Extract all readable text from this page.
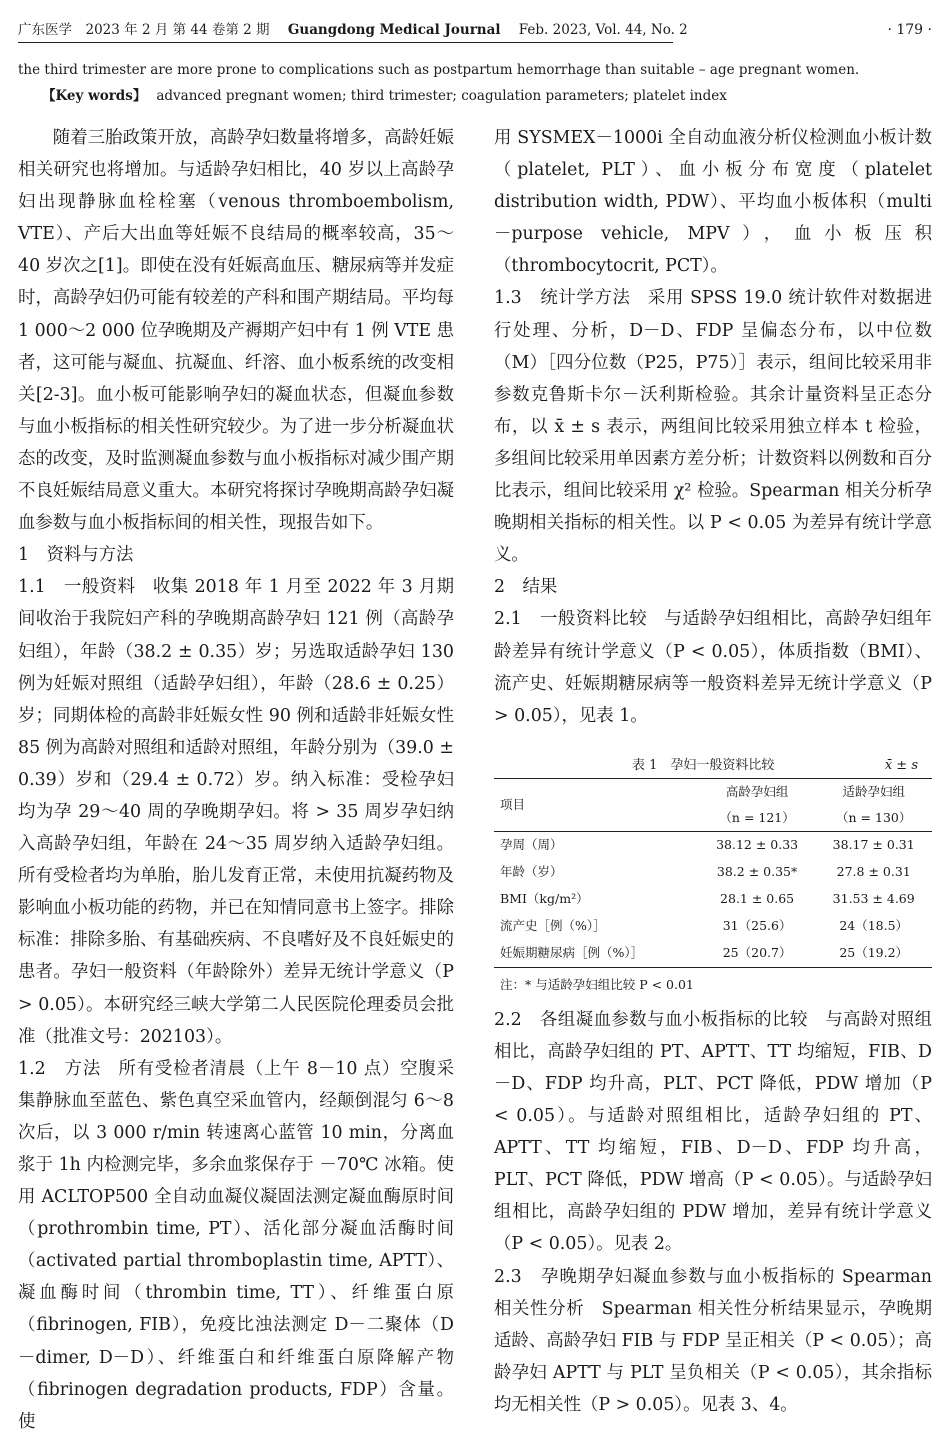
广东医学　2023 年 2 月 第 44 卷第 2 期 Guangdong Medical Journal Feb. 2023, Vol. 44, No. 2	· 179 ·
the third trimester are more prone to complications such as postpartum hemorrhage than suitable – age pregnant women.
【Key words】 advanced pregnant women; third trimester; coagulation parameters; platelet index

随着三胎政策开放，高龄孕妇数量将增多，高龄妊娠相关研究也将增加。与适龄孕妇相比，40 岁以上高龄孕妇出现静脉血栓栓塞（venous thromboembolism, VTE）、产后大出血等妊娠不良结局的概率较高，35～40 岁次之[1]。即使在没有妊娠高血压、糖尿病等并发症时，高龄孕妇仍可能有较差的产科和围产期结局。平均每 1 000～2 000 位孕晚期及产褥期产妇中有 1 例 VTE 患者，这可能与凝血、抗凝血、纤溶、血小板系统的改变相关[2-3]。血小板可能影响孕妇的凝血状态，但凝血参数与血小板指标的相关性研究较少。为了进一步分析凝血状态的改变，及时监测凝血参数与血小板指标对减少围产期不良妊娠结局意义重大。本研究将探讨孕晚期高龄孕妇凝血参数与血小板指标间的相关性，现报告如下。

1　资料与方法

1.1　一般资料 收集 2018 年 1 月至 2022 年 3 月期间收治于我院妇产科的孕晚期高龄孕妇 121 例（高龄孕妇组），年龄（38.2 ± 0.35）岁；另选取适龄孕妇 130 例为妊娠对照组（适龄孕妇组），年龄（28.6 ± 0.25）岁；同期体检的高龄非妊娠女性 90 例和适龄非妊娠女性 85 例为高龄对照组和适龄对照组，年龄分别为（39.0 ± 0.39）岁和（29.4 ± 0.72）岁。纳入标准：受检孕妇均为孕 29～40 周的孕晚期孕妇。将 > 35 周岁孕妇纳入高龄孕妇组，年龄在 24～35 周岁纳入适龄孕妇组。所有受检者均为单胎，胎儿发育正常，未使用抗凝药物及影响血小板功能的药物，并已在知情同意书上签字。排除标准：排除多胎、有基础疾病、不良嗜好及不良妊娠史的患者。孕妇一般资料（年龄除外）差异无统计学意义（P > 0.05）。本研究经三峡大学第二人民医院伦理委员会批准（批准文号：202103）。

1.2　方法 所有受检者清晨（上午 8－10 点）空腹采集静脉血至蓝色、紫色真空采血管内，经颠倒混匀 6～8 次后，以 3 000 r/min 转速离心蓝管 10 min，分离血浆于 1h 内检测完毕，多余血浆保存于 －70℃ 冰箱。使用 ACLTOP500 全自动血凝仪凝固法测定凝血酶原时间（prothrombin time, PT）、活化部分凝血活酶时间（activated partial thromboplastin time, APTT）、凝血酶时间（thrombin time, TT）、纤维蛋白原（fibrinogen, FIB），免疫比浊法测定 D－二聚体（D－dimer, D－D）、纤维蛋白和纤维蛋白原降解产物（fibrinogen degradation products, FDP）含量。使

用 SYSMEX－1000i 全自动血液分析仪检测血小板计数（platelet, PLT）、血小板分布宽度（platelet distribution width, PDW）、平均血小板体积（multi－purpose vehicle, MPV），血小板压积（thrombocytocrit, PCT）。

1.3　统计学方法 采用 SPSS 19.0 统计软件对数据进行处理、分析，D－D、FDP 呈偏态分布，以中位数（M）［四分位数（P25，P75）］表示，组间比较采用非参数克鲁斯卡尔－沃利斯检验。其余计量资料呈正态分布，以 x̄ ± s 表示，两组间比较采用独立样本 t 检验，多组间比较采用单因素方差分析；计数资料以例数和百分比表示，组间比较采用 χ² 检验。Spearman 相关分析孕晚期相关指标的相关性。以 P < 0.05 为差异有统计学意义。

2　结果

2.1　一般资料比较 与适龄孕妇组相比，高龄孕妇组年龄差异有统计学意义（P < 0.05），体质指数（BMI）、流产史、妊娠期糖尿病等一般资料差异无统计学意义（P > 0.05），见表 1。

表 1　孕妇一般资料比较	x̄ ± s
项目	高龄孕妇组	适龄孕妇组
	（n = 121）	（n = 130）
孕周（周）	38.12 ± 0.33	38.17 ± 0.31
年龄（岁）	38.2 ± 0.35*	27.8 ± 0.31
BMI（kg/m²）	28.1 ± 0.65	31.53 ± 4.69
流产史［例（%）］	31（25.6）	24（18.5）
妊娠期糖尿病［例（%）］	25（20.7）	25（19.2）
注：* 与适龄孕妇组比较 P < 0.01

2.2　各组凝血参数与血小板指标的比较 与高龄对照组相比，高龄孕妇组的 PT、APTT、TT 均缩短，FIB、D－D、FDP 均升高，PLT、PCT 降低，PDW 增加（P < 0.05）。与适龄对照组相比，适龄孕妇组的 PT、APTT、TT 均缩短，FIB、D－D、FDP 均升高，PLT、PCT 降低，PDW 增高（P < 0.05）。与适龄孕妇组相比，高龄孕妇组的 PDW 增加，差异有统计学意义（P < 0.05）。见表 2。

2.3　孕晚期孕妇凝血参数与血小板指标的 Spearman 相关性分析 Spearman 相关性分析结果显示，孕晚期适龄、高龄孕妇 FIB 与 FDP 呈正相关（P < 0.05）；高龄孕妇 APTT 与 PLT 呈负相关（P < 0.05），其余指标均无相关性（P > 0.05）。见表 3、4。
